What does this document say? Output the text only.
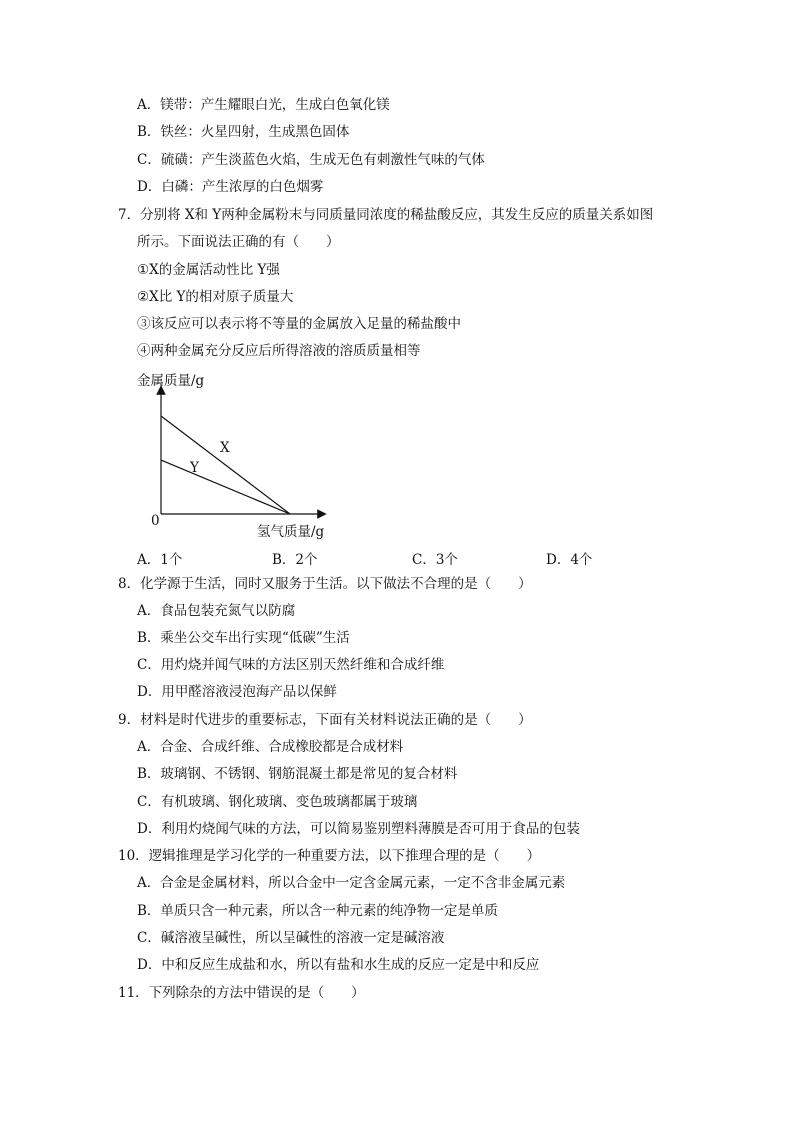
A．镁带：产生耀眼白光，生成白色氧化镁
B．铁丝：火星四射，生成黑色固体
C．硫磺：产生淡蓝色火焰，生成无色有刺激性气味的气体
D．白磷：产生浓厚的白色烟雾
7．分别将 X和 Y两种金属粉末与同质量同浓度的稀盐酸反应，其发生反应的质量关系如图
所示。下面说法正确的有（　　）
①X的金属活动性比 Y强
②X比 Y的相对原子质量大
③该反应可以表示将不等量的金属放入足量的稀盐酸中
④两种金属充分反应后所得溶液的溶质质量相等
金属质量/g
0
氢气质量/g
X
Y
A．1个	B．2个	C．3个	D．4个
8．化学源于生活，同时又服务于生活。以下做法不合理的是（　　）
A．食品包装充氮气以防腐
B．乘坐公交车出行实现“低碳”生活
C．用灼烧并闻气味的方法区别天然纤维和合成纤维
D．用甲醛溶液浸泡海产品以保鲜
9．材料是时代进步的重要标志，下面有关材料说法正确的是（　　）
A．合金、合成纤维、合成橡胶都是合成材料
B．玻璃钢、不锈钢、钢筋混凝土都是常见的复合材料
C．有机玻璃、钢化玻璃、变色玻璃都属于玻璃
D．利用灼烧闻气味的方法，可以简易鉴别塑料薄膜是否可用于食品的包装
10．逻辑推理是学习化学的一种重要方法，以下推理合理的是（　　）
A．合金是金属材料，所以合金中一定含金属元素，一定不含非金属元素
B．单质只含一种元素，所以含一种元素的纯净物一定是单质
C．碱溶液呈碱性，所以呈碱性的溶液一定是碱溶液
D．中和反应生成盐和水，所以有盐和水生成的反应一定是中和反应
11．下列除杂的方法中错误的是（　　）
